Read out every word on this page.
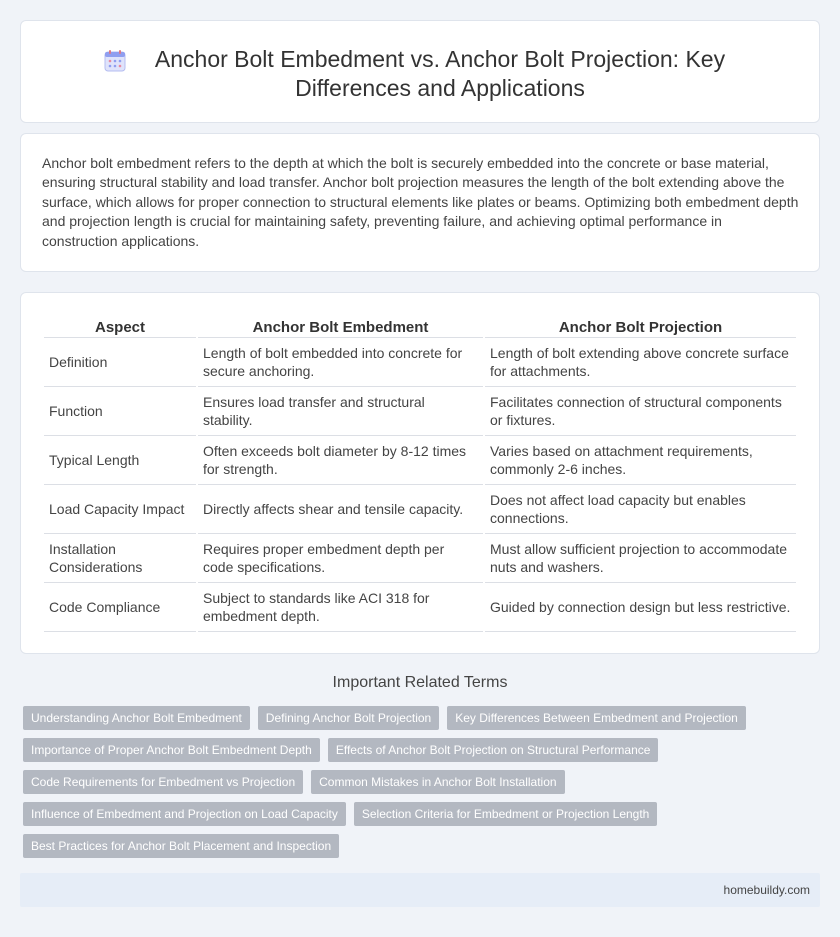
Anchor Bolt Embedment vs. Anchor Bolt Projection: Key Differences and Applications

Anchor bolt embedment refers to the depth at which the bolt is securely embedded into the concrete or base material, ensuring structural stability and load transfer. Anchor bolt projection measures the length of the bolt extending above the surface, which allows for proper connection to structural elements like plates or beams. Optimizing both embedment depth and projection length is crucial for maintaining safety, preventing failure, and achieving optimal performance in construction applications.

Aspect	Anchor Bolt Embedment	Anchor Bolt Projection
Definition	Length of bolt embedded into concrete for secure anchoring.	Length of bolt extending above concrete surface for attachments.
Function	Ensures load transfer and structural stability.	Facilitates connection of structural components or fixtures.
Typical Length	Often exceeds bolt diameter by 8-12 times for strength.	Varies based on attachment requirements, commonly 2-6 inches.
Load Capacity Impact	Directly affects shear and tensile capacity.	Does not affect load capacity but enables connections.
Installation Considerations	Requires proper embedment depth per code specifications.	Must allow sufficient projection to accommodate nuts and washers.
Code Compliance	Subject to standards like ACI 318 for embedment depth.	Guided by connection design but less restrictive.
Important Related Terms
Understanding Anchor Bolt Embedment	Defining Anchor Bolt Projection	Key Differences Between Embedment and Projection
Importance of Proper Anchor Bolt Embedment Depth	Effects of Anchor Bolt Projection on Structural Performance
Code Requirements for Embedment vs Projection	Common Mistakes in Anchor Bolt Installation
Influence of Embedment and Projection on Load Capacity	Selection Criteria for Embedment or Projection Length
Best Practices for Anchor Bolt Placement and Inspection
homebuildy.com
